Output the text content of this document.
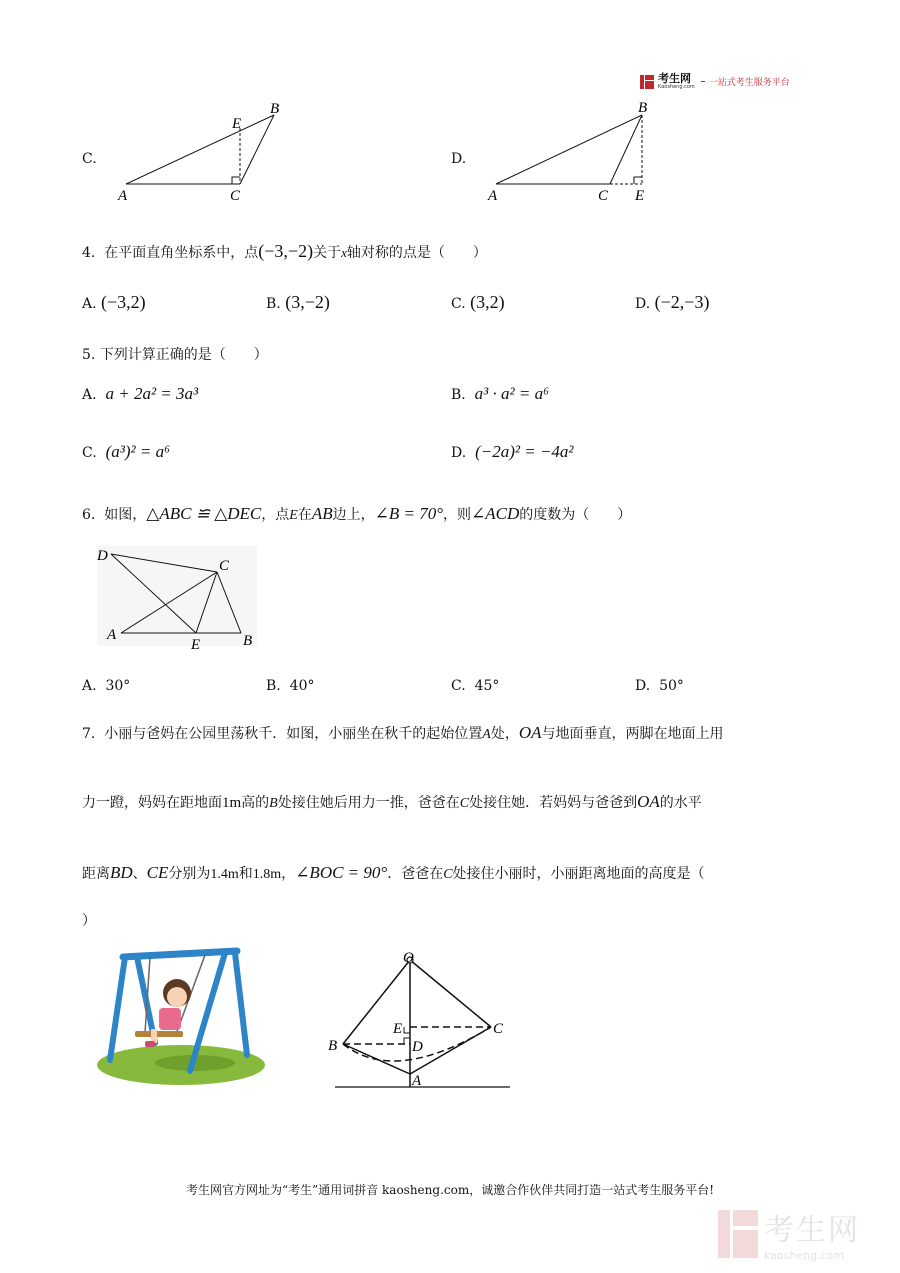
考生网
Kaosheng.com 一站式考生服务平台
C.
A	C
E
B
D.
A	C E
B
4. 在平面直角坐标系中，点(−3,−2)关于x轴对称的点是（　　）
A. (−3,2)	B. (3,−2)	C. (3,2)	D. (−2,−3)
5. 下列计算正确的是（　　）
A. a + 2a² = 3a³	B. a³ · a² = a⁶
C. (a³)² = a⁶	D. (−2a)² = −4a²
6. 如图，△ABC ≌ △DEC，点E在AB边上，∠B = 70°，则∠ACD的度数为（　　）
D
C
A
E	B
A. 30°	B. 40°	C. 45°	D. 50°
7. 小丽与爸妈在公园里荡秋千．如图，小丽坐在秋千的起始位置A处，OA与地面垂直，两脚在地面上用
力一蹬，妈妈在距地面1m高的B处接住她后用力一推，爸爸在C处接住她．若妈妈与爸爸到OA的水平
距离BD、CE分别为1.4m和1.8m，∠BOC = 90°．爸爸在C处接住小丽时，小丽距离地面的高度是（
）
O
E	C
B	D
A
考生网官方网址为“考生”通用词拼音 kaosheng.com，诚邀合作伙伴共同打造一站式考生服务平台!
考生网
kaosheng.com
